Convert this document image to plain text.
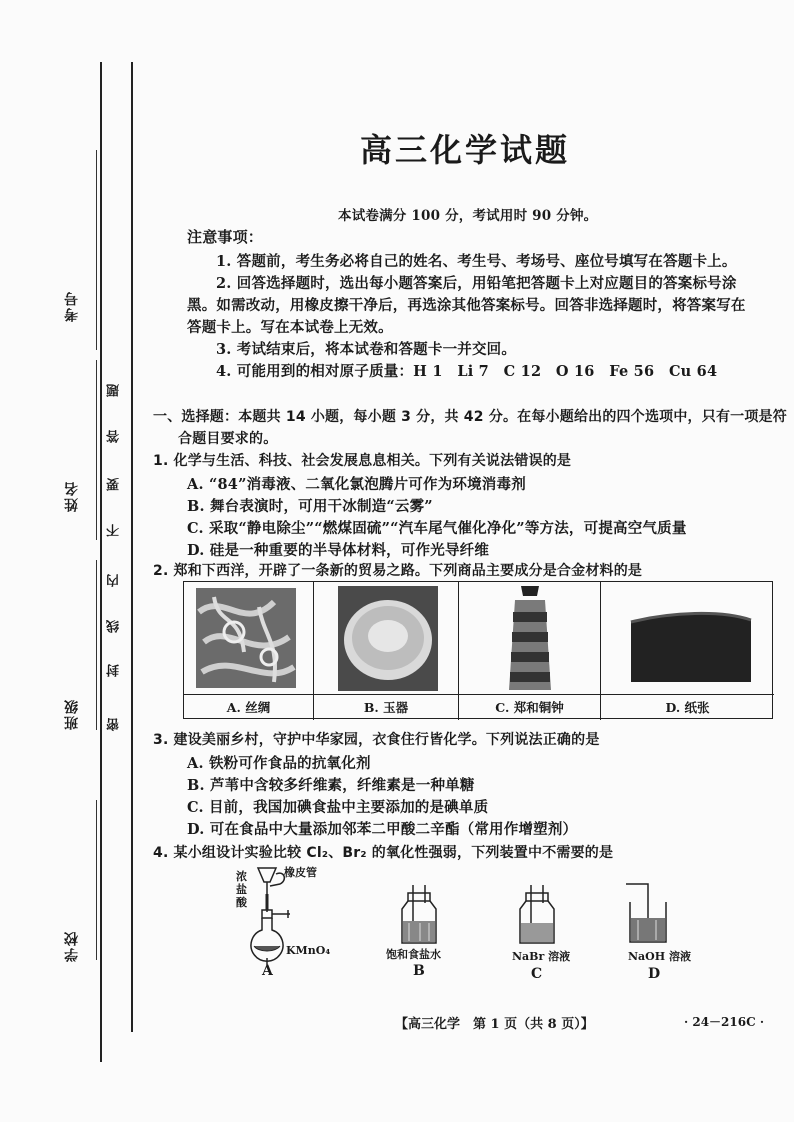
考号
姓名
班级
学校
密
封
线
内
不
要
答
题
高三化学试题
本试卷满分 100 分，考试用时 90 分钟。
注意事项：
1. 答题前，考生务必将自己的姓名、考生号、考场号、座位号填写在答题卡上。
2. 回答选择题时，选出每小题答案后，用铅笔把答题卡上对应题目的答案标号涂
黑。如需改动，用橡皮擦干净后，再选涂其他答案标号。回答非选择题时，将答案写在
答题卡上。写在本试卷上无效。
3. 考试结束后，将本试卷和答题卡一并交回。
4. 可能用到的相对原子质量：H 1　Li 7　C 12　O 16　Fe 56　Cu 64
一、选择题：本题共 14 小题，每小题 3 分，共 42 分。在每小题给出的四个选项中，只有一项是符
合题目要求的。
1. 化学与生活、科技、社会发展息息相关。下列有关说法错误的是
A. “84”消毒液、二氧化氯泡腾片可作为环境消毒剂
B. 舞台表演时，可用干冰制造“云雾”
C. 采取“静电除尘”“燃煤固硫”“汽车尾气催化净化”等方法，可提高空气质量
D. 硅是一种重要的半导体材料，可作光导纤维
2. 郑和下西洋，开辟了一条新的贸易之路。下列商品主要成分是合金材料的是
A. 丝绸	B. 玉器	C. 郑和铜钟	D. 纸张
3. 建设美丽乡村，守护中华家园，衣食住行皆化学。下列说法正确的是
A. 铁粉可作食品的抗氧化剂
B. 芦苇中含较多纤维素，纤维素是一种单糖
C. 目前，我国加碘食盐中主要添加的是碘单质
D. 可在食品中大量添加邻苯二甲酸二辛酯（常用作增塑剂）
4. 某小组设计实验比较 Cl₂、Br₂ 的氧化性强弱，下列装置中不需要的是
浓盐酸
橡皮管
KMnO₄
A
饱和食盐水
B
NaBr 溶液
C
NaOH 溶液
D
【高三化学　第 1 页（共 8 页）】	· 24－216C ·
